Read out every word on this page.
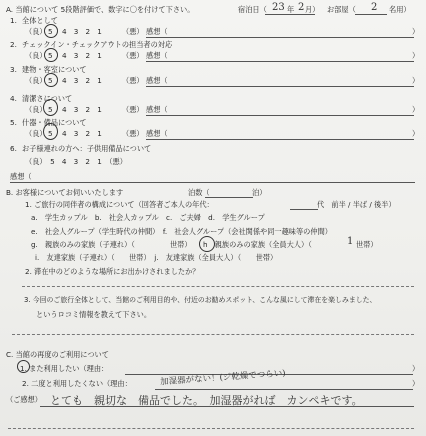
A. 当館について 5段階評価で、数字に〇を付けて下さい。	宿泊日（ 23 年 2 月） お部屋（ 2 名用）
1. 全体として
（良） 5 4　3　2　1	（悪） 感想（	）
2. チェックイン・チェックアウトの担当者の対応
（良） 5 4　3　2　1	（悪） 感想（	）
3. 建物・客室について
（良） 5 4　3　2　1	（悪） 感想（	）
4. 清潔さについて
（良） 5 4　3　2　1	（悪） 感想（	）
5. 什器・備品について
（良） 5 4　3　2　1	（悪） 感想（	）
6. お子様連れの方へ：子供用備品について
（良）　5　4　3　2　1　（悪）
感想（
B. お客様についてお伺いいたします	泊数（	泊）
1. ご旅行の同伴者の構成について（回答者ご本人の年代：	代　前半 / 半ば / 後半）
a.　学生カップル　b.　社会人カップル　c.　ご夫婦　d.　学生グループ
e.　社会人グループ（学生時代の仲間）　f.　社会人グループ（会社関係や同一趣味等の仲間）
g.　親族のみの家族（子連れ）（	世帯） h　親族のみの家族（全員大人）（	1 世帯）
i.　友達家族（子連れ）（　　世帯）　j.　友達家族（全員大人）（　　世帯）
2. 滞在中のどのような場所にお出かけされましたか？
3. 今回のご旅行全体として、当館のご利用目的や、付近のお勧めスポット、こんな風にして滞在を楽しみました、
というロコミ情報を教えて下さい。
C. 当館の再度のご利用について
1. また利用したい（理由：	）
2. 二度と利用したくない（理由：	加湿器がない！(ジ乾燥でつらい)	）
（ご感想） とても　親切な　備品でした。　加湿器がれば　カンペキです。
